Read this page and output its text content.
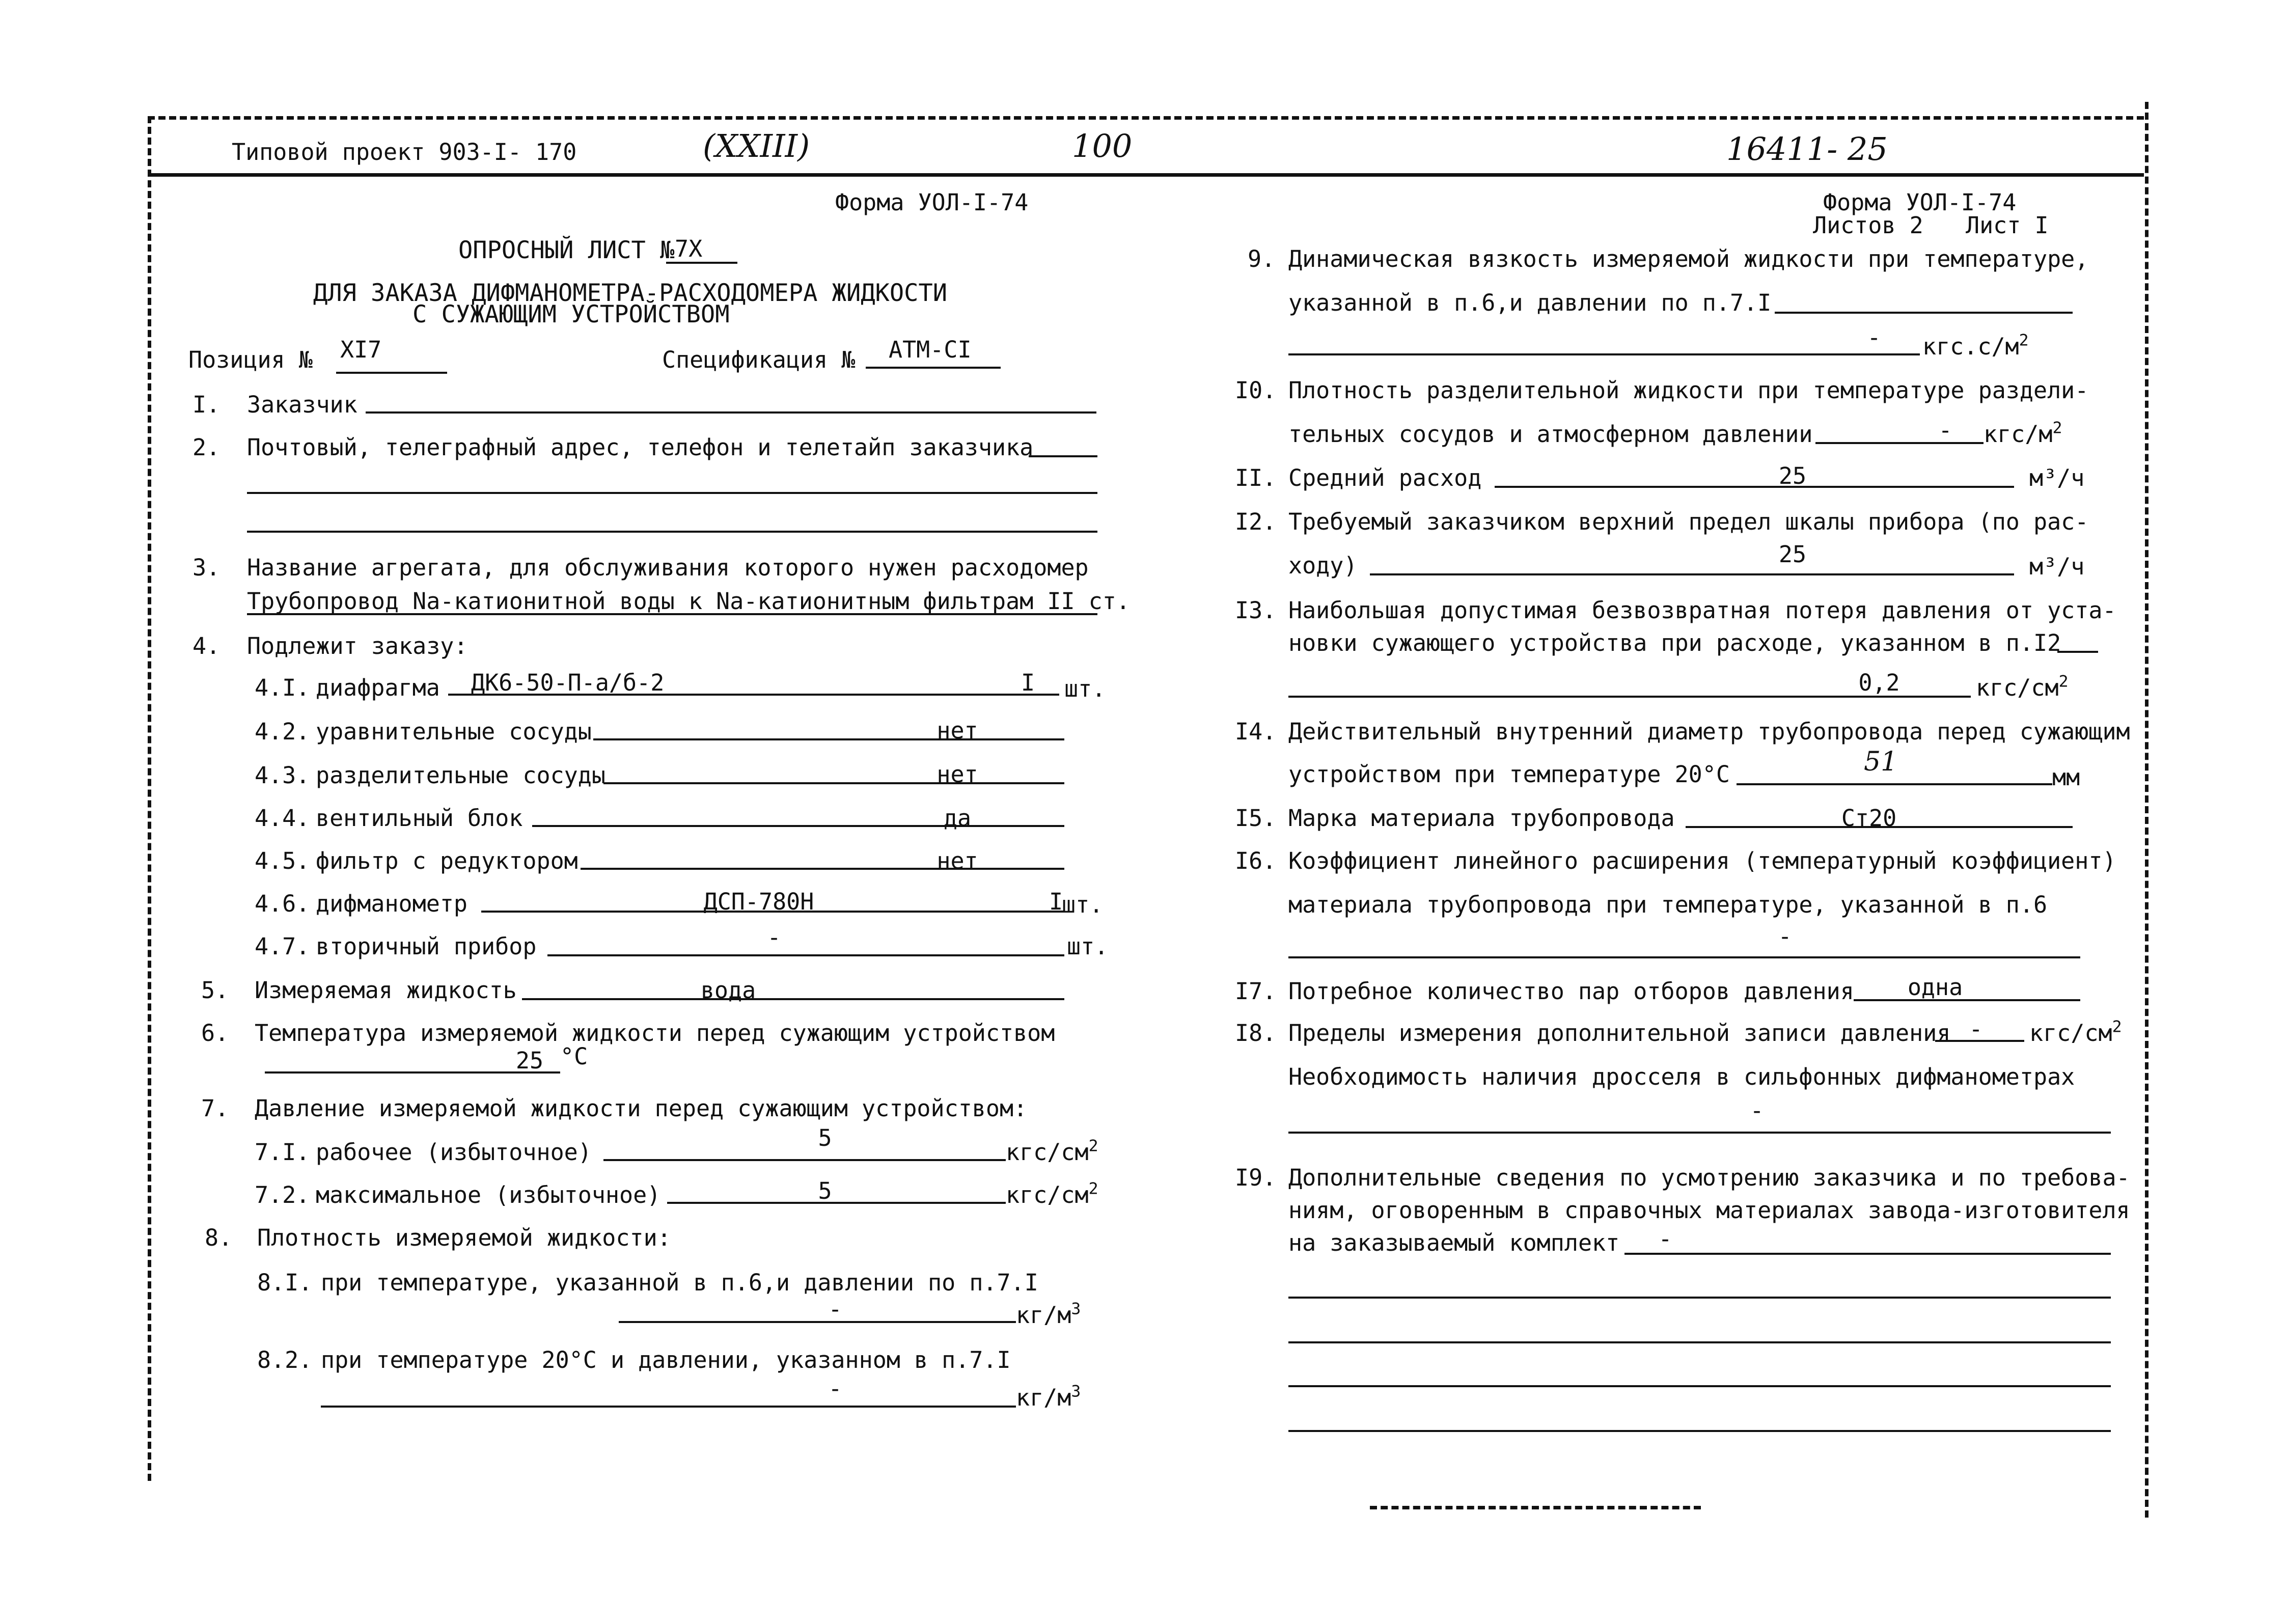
Типовой проект 903-I- 170	(XXIII)	100	16411- 25
Форма УОЛ-I-74
ОПРОСНЫЙ ЛИСТ № 7Х
ДЛЯ ЗАКАЗА ДИФМАНОМЕТРА-РАСХОДОМЕРА ЖИДКОСТИ
С СУЖАЮЩИМ УСТРОЙСТВОМ
Позиция № XI7	Спецификация № АТМ-СI
I. Заказчик
2. Почтовый, телеграфный адрес, телефон и телетайп заказчика
3. Название агрегата, для обслуживания которого нужен расходомер
Трубопровод Na-катионитной воды к Na-катионитным фильтрам II ст.
4. Подлежит заказу:
4.I. диафрагма ДК6-50-П-а/б-2	I шт.
4.2. уравнительные сосуды	нет
4.3. разделительные сосуды	нет
4.4. вентильный блок	да
4.5. фильтр с редуктором	нет
4.6. дифманометр	ДСП-780Н	I
шт.
4.7. вторичный прибор	-	шт.
5. Измеряемая жидкость	вода
6. Температура измеряемой жидкости перед сужающим устройством
25 °С
7. Давление измеряемой жидкости перед сужающим устройством:
7.I. рабочее (избыточное)
5
кгс/$см^2$
7.2. максимальное (избыточное)	5	кгс/$см^2$
8. Плотность измеряемой жидкости:
8.I. при температуре, указанной в п.6,и давлении по п.7.I
-	$кг/м^3$
8.2. при температуре 20°С и давлении, указанном в п.7.I
-	$кг/м^3$
Форма УОЛ-I-74
Листов 2 Лист I
9. Динамическая вязкость измеряемой жидкости при температуре,
указанной в п.6,и давлении по п.7.I
-	$кгс.с/м^2$
I0. Плотность разделительной жидкости при температуре раздели-
тельных сосудов и атмосферном давлении	-	кгс/$м^2$
II. Средний расход	25	м³/ч
I2. Требуемый заказчиком верхний предел шкалы прибора (по рас-
ходу)	25	м³/ч
I3. Наибольшая допустимая безвозвратная потеря давления от уста-
новки сужающего устройства при расходе, указанном в п.I2
0,2	кгс/$см^2$
I4. Действительный внутренний диаметр трубопровода перед сужающим
устройством при температуре 20°С	51
мм
I5. Марка материала трубопровода	Ст20
I6. Коэффициент линейного расширения (температурный коэффициент)
материала трубопровода при температуре, указанной в п.6
-
I7. Потребное количество пар отборов давления	одна
I8. Пределы измерения дополнительной записи давления - кгс/$см^2$
Необходимость наличия дросселя в сильфонных дифманометрах
-
I9. Дополнительные сведения по усмотрению заказчика и по требова-
ниям, оговоренным в справочных материалах завода-изготовителя
на заказываемый комплект	-
